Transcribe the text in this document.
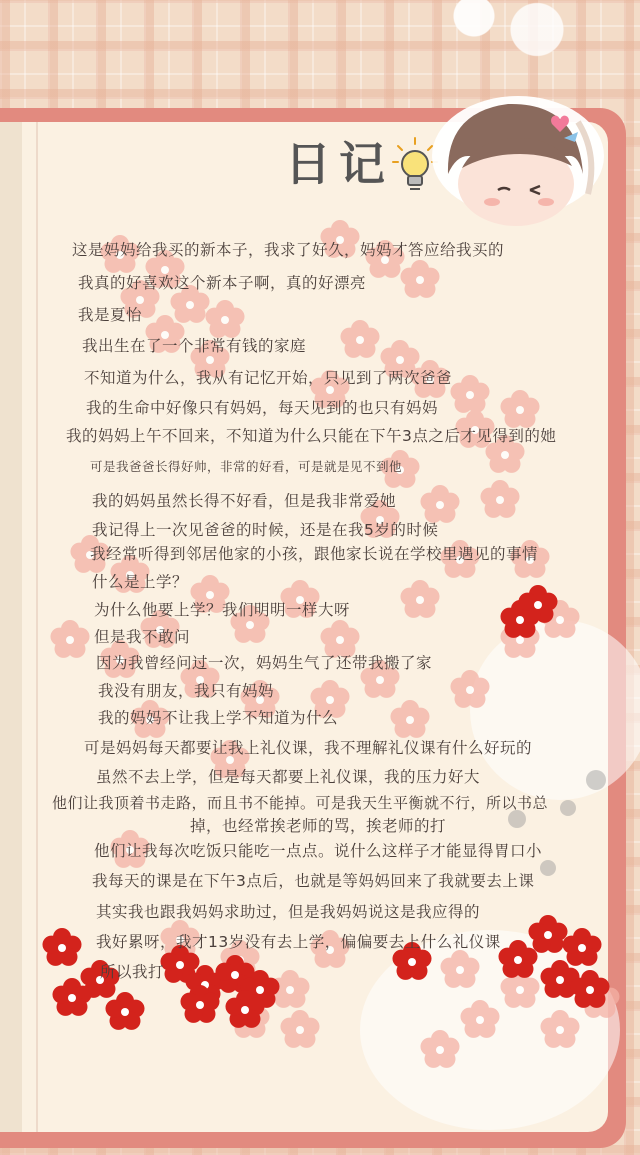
日记
这是妈妈给我买的新本子，我求了好久，妈妈才答应给我买的
我真的好喜欢这个新本子啊，真的好漂亮
我是夏怡
我出生在了一个非常有钱的家庭
不知道为什么，我从有记忆开始，只见到了两次爸爸
我的生命中好像只有妈妈，每天见到的也只有妈妈
我的妈妈上午不回来，不知道为什么只能在下午3点之后才见得到的她
可是我爸爸长得好帅，非常的好看，可是就是见不到他
我的妈妈虽然长得不好看，但是我非常爱她
我记得上一次见爸爸的时候，还是在我5岁的时候
我经常听得到邻居他家的小孩，跟他家长说在学校里遇见的事情
什么是上学？
为什么他要上学？我们明明一样大呀
但是我不敢问
因为我曾经问过一次，妈妈生气了还带我搬了家
我没有朋友，我只有妈妈
我的妈妈不让我上学不知道为什么
可是妈妈每天都要让我上礼仪课，我不理解礼仪课有什么好玩的
虽然不去上学，但是每天都要上礼仪课，我的压力好大
他们让我顶着书走路，而且书不能掉。可是我天生平衡就不行，所以书总
掉，也经常挨老师的骂，挨老师的打
他们让我每次吃饭只能吃一点点。说什么这样子才能显得胃口小
我每天的课是在下午3点后，也就是等妈妈回来了我就要去上课
其实我也跟我妈妈求助过，但是我妈妈说这是我应得的
我好累呀，我才13岁没有去上学，偏偏要去上什么礼仪课
所以我打
